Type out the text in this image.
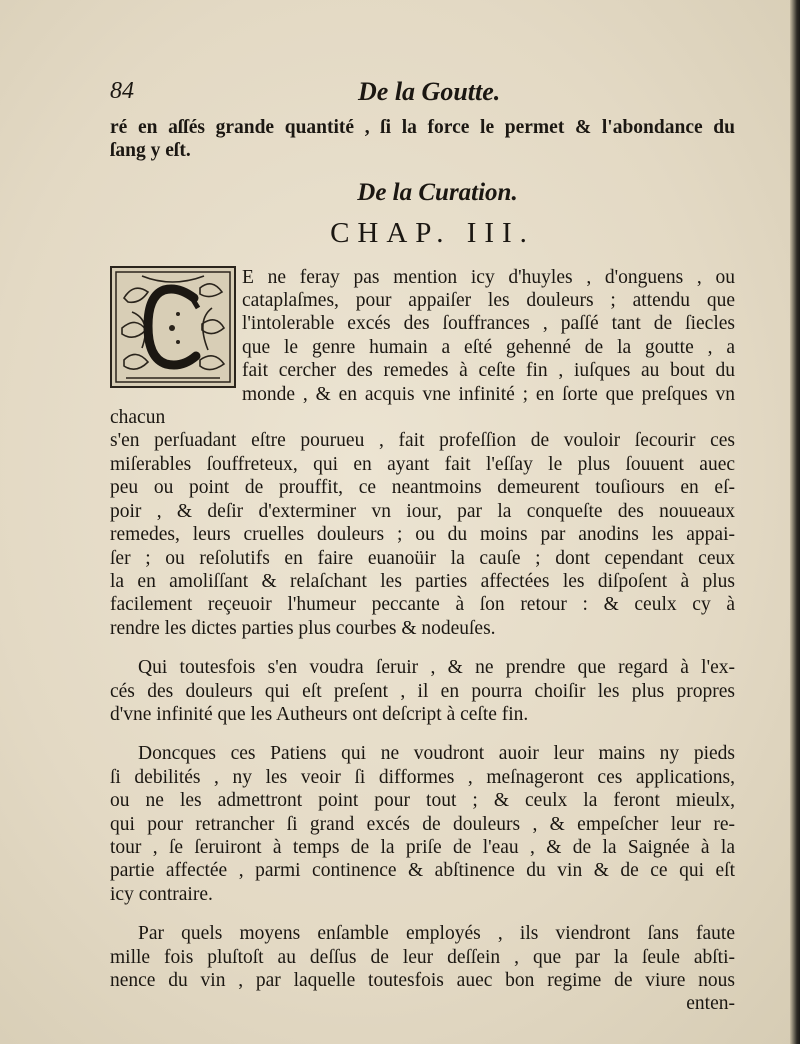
84	De la Goutte.

ré en aſſés grande quantité , ſi la force le permet & l'abondance du

ſang y eſt.

De la Curation.
CHAP. III.

E ne feray pas mention icy d'huyles , d'onguens , ou

cataplaſmes, pour appaiſer les douleurs ; attendu que

l'intolerable excés des ſouffrances , paſſé tant de ſiecles

que le genre humain a eſté gehenné de la goutte , a

fait cercher des remedes à ceſte fin , iuſques au bout du

monde , & en acquis vne infinité ; en ſorte que preſques vn chacun

s'en perſuadant eſtre pourueu , fait profeſſion de vouloir ſecourir ces

miſerables ſouffreteux, qui en ayant fait l'eſſay le plus ſouuent auec

peu ou point de prouffit, ce neantmoins demeurent touſiours en eſ-

poir , & deſir d'exterminer vn iour, par la conqueſte des nouueaux

remedes, leurs cruelles douleurs ; ou du moins par anodins les appai-

ſer ; ou reſolutifs en faire euanoüir la cauſe ; dont cependant ceux

la en amoliſſant & relaſchant les parties affectées les diſpoſent à plus

facilement reçeuoir l'humeur peccante à ſon retour : & ceulx cy à

rendre les dictes parties plus courbes & nodeuſes.

Qui toutesfois s'en voudra ſeruir , & ne prendre que regard à l'ex-

cés des douleurs qui eſt preſent , il en pourra choiſir les plus propres

d'vne infinité que les Autheurs ont deſcript à ceſte fin.

Doncques ces Patiens qui ne voudront auoir leur mains ny pieds

ſi debilités , ny les veoir ſi difformes , meſnageront ces applications,

ou ne les admettront point pour tout ; & ceulx la feront mieulx,

qui pour retrancher ſi grand excés de douleurs , & empeſcher leur re-

tour , ſe ſeruiront à temps de la priſe de l'eau , & de la Saignée à la

partie affectée , parmi continence & abſtinence du vin & de ce qui eſt

icy contraire.

Par quels moyens enſamble employés , ils viendront ſans faute

mille fois pluſtoſt au deſſus de leur deſſein , que par la ſeule abſti-

nence du vin , par laquelle toutesfois auec bon regime de viure nous

enten-
